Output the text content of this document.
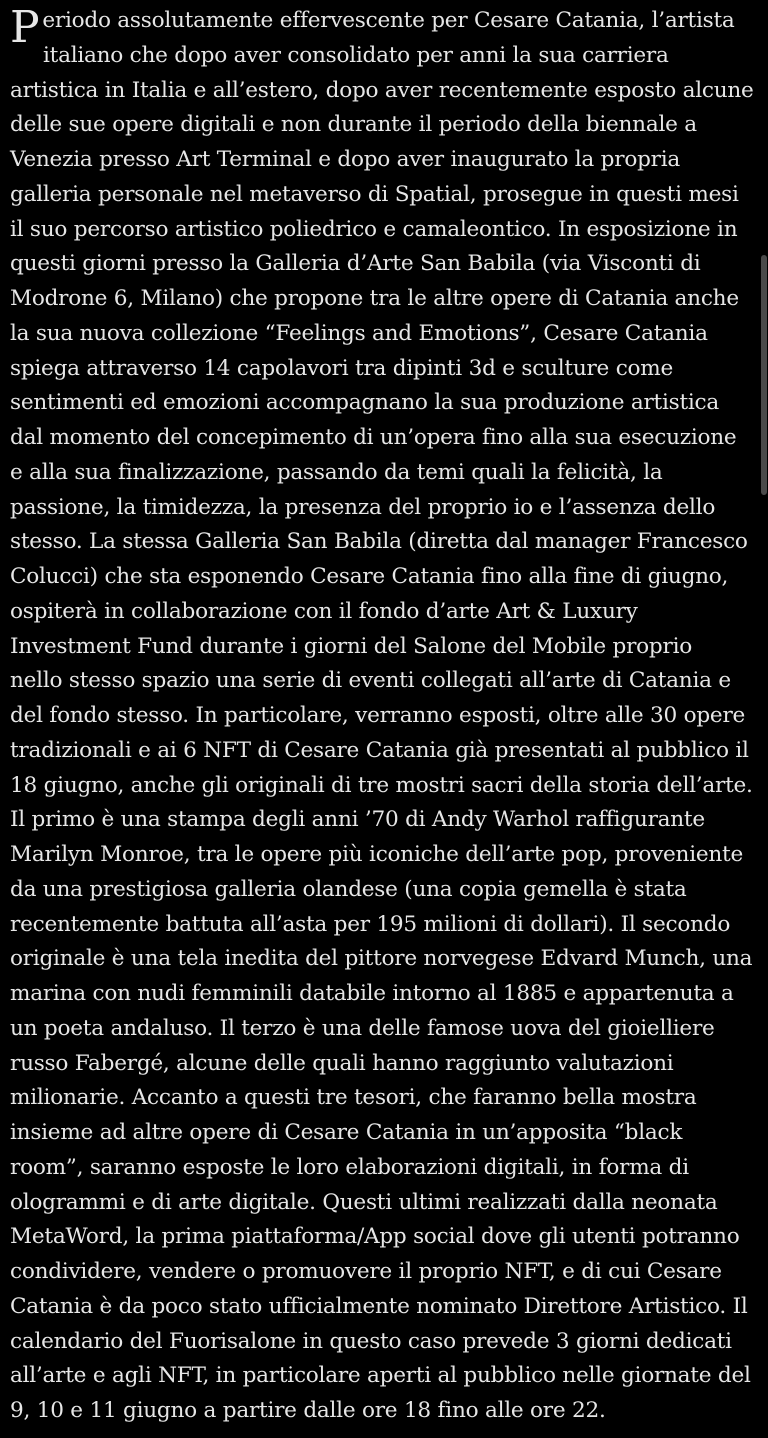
Periodo assolutamente effervescente per Cesare Catania, l’artista
italiano che dopo aver consolidato per anni la sua carriera
artistica in Italia e all’estero, dopo aver recentemente esposto alcune
delle sue opere digitali e non durante il periodo della biennale a
Venezia presso Art Terminal e dopo aver inaugurato la propria
galleria personale nel metaverso di Spatial, prosegue in questi mesi
il suo percorso artistico poliedrico e camaleontico. In esposizione in
questi giorni presso la Galleria d’Arte San Babila (via Visconti di
Modrone 6, Milano) che propone tra le altre opere di Catania anche
la sua nuova collezione “Feelings and Emotions”, Cesare Catania
spiega attraverso 14 capolavori tra dipinti 3d e sculture come
sentimenti ed emozioni accompagnano la sua produzione artistica
dal momento del concepimento di un’opera fino alla sua esecuzione
e alla sua finalizzazione, passando da temi quali la felicità, la
passione, la timidezza, la presenza del proprio io e l’assenza dello
stesso. La stessa Galleria San Babila (diretta dal manager Francesco
Colucci) che sta esponendo Cesare Catania fino alla fine di giugno,
ospiterà in collaborazione con il fondo d’arte Art & Luxury
Investment Fund durante i giorni del Salone del Mobile proprio
nello stesso spazio una serie di eventi collegati all’arte di Catania e
del fondo stesso. In particolare, verranno esposti, oltre alle 30 opere
tradizionali e ai 6 NFT di Cesare Catania già presentati al pubblico il
18 giugno, anche gli originali di tre mostri sacri della storia dell’arte.
Il primo è una stampa degli anni ’70 di Andy Warhol raffigurante
Marilyn Monroe, tra le opere più iconiche dell’arte pop, proveniente
da una prestigiosa galleria olandese (una copia gemella è stata
recentemente battuta all’asta per 195 milioni di dollari). Il secondo
originale è una tela inedita del pittore norvegese Edvard Munch, una
marina con nudi femminili databile intorno al 1885 e appartenuta a
un poeta andaluso. Il terzo è una delle famose uova del gioielliere
russo Fabergé, alcune delle quali hanno raggiunto valutazioni
milionarie. Accanto a questi tre tesori, che faranno bella mostra
insieme ad altre opere di Cesare Catania in un’apposita “black
room”, saranno esposte le loro elaborazioni digitali, in forma di
ologrammi e di arte digitale. Questi ultimi realizzati dalla neonata
MetaWord, la prima piattaforma/App social dove gli utenti potranno
condividere, vendere o promuovere il proprio NFT, e di cui Cesare
Catania è da poco stato ufficialmente nominato Direttore Artistico. Il
calendario del Fuorisalone in questo caso prevede 3 giorni dedicati
all’arte e agli NFT, in particolare aperti al pubblico nelle giornate del
9, 10 e 11 giugno a partire dalle ore 18 fino alle ore 22.
